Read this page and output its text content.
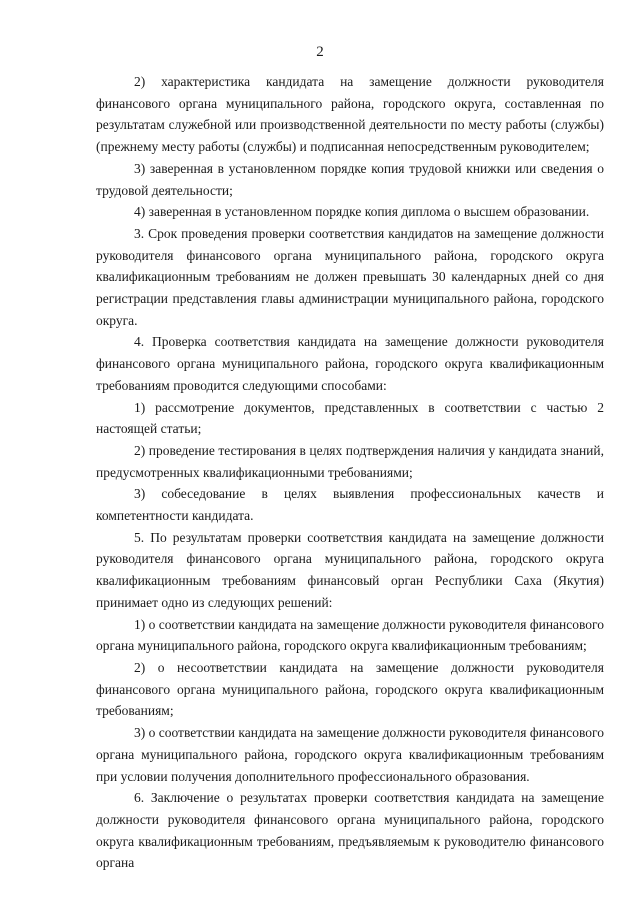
2

2) характеристика кандидата на замещение должности руководителя финансового органа муниципального района, городского округа, составленная по результатам служебной или производственной деятельности по месту работы (службы) (прежнему месту работы (службы) и подписанная непосредственным руководителем;

3) заверенная в установленном порядке копия трудовой книжки или сведения о трудовой деятельности;

4) заверенная в установленном порядке копия диплома о высшем образовании.

3. Срок проведения проверки соответствия кандидатов на замещение должности руководителя финансового органа муниципального района, городского округа квалификационным требованиям не должен превышать 30 календарных дней со дня регистрации представления главы администрации муниципального района, городского округа.

4. Проверка соответствия кандидата на замещение должности руководителя финансового органа муниципального района, городского округа квалификационным требованиям проводится следующими способами:

1) рассмотрение документов, представленных в соответствии с частью 2 настоящей статьи;

2) проведение тестирования в целях подтверждения наличия у кандидата знаний, предусмотренных квалификационными требованиями;

3) собеседование в целях выявления профессиональных качеств и компетентности кандидата.

5. По результатам проверки соответствия кандидата на замещение должности руководителя финансового органа муниципального района, городского округа квалификационным требованиям финансовый орган Республики Саха (Якутия) принимает одно из следующих решений:

1) о соответствии кандидата на замещение должности руководителя финансового органа муниципального района, городского округа квалификационным требованиям;

2) о несоответствии кандидата на замещение должности руководителя финансового органа муниципального района, городского округа квалификационным требованиям;

3) о соответствии кандидата на замещение должности руководителя финансового органа муниципального района, городского округа квалификационным требованиям при условии получения дополнительного профессионального образования.

6. Заключение о результатах проверки соответствия кандидата на замещение должности руководителя финансового органа муниципального района, городского округа квалификационным требованиям, предъявляемым к руководителю финансового органа
